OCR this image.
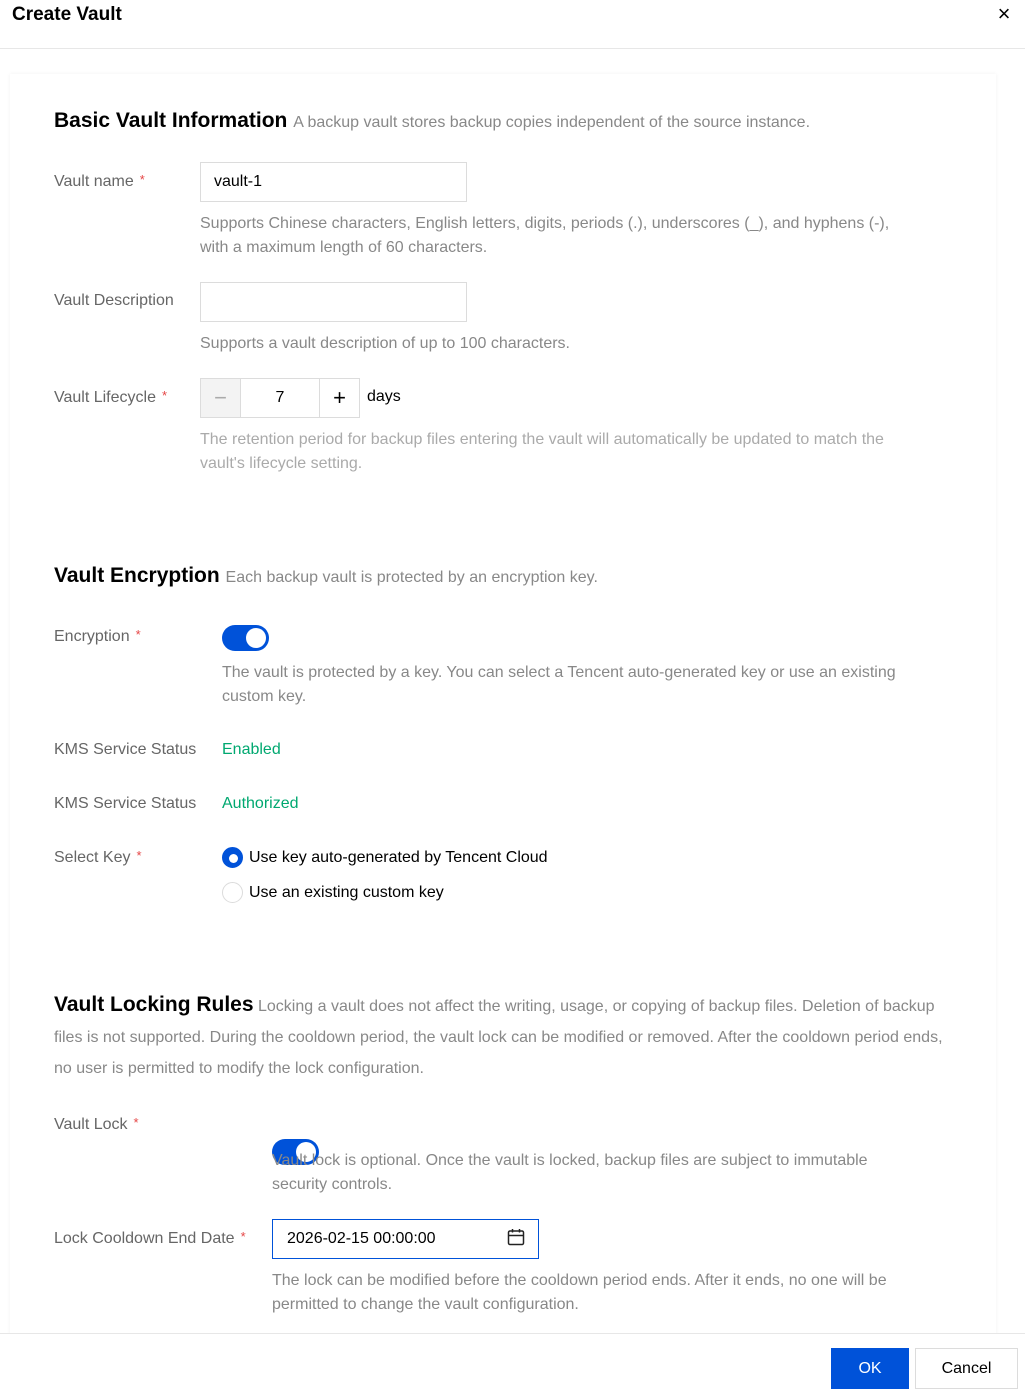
Create Vault	×
Basic Vault Information A backup vault stores backup copies independent of the source instance.
Vault name *	vault-1
Supports Chinese characters, English letters, digits, periods (.), underscores (_), and hyphens (-),
with a maximum length of 60 characters.
Vault Description
Supports a vault description of up to 100 characters.
Vault Lifecycle *	−	7	+	days
The retention period for backup files entering the vault will automatically be updated to match the
vault's lifecycle setting.
Vault Encryption Each backup vault is protected by an encryption key.
Encryption *
The vault is protected by a key. You can select a Tencent auto-generated key or use an existing
custom key.
KMS Service Status Enabled
KMS Service Status Authorized
Select Key *	Use key auto-generated by Tencent Cloud
Use an existing custom key
Vault Locking Rules Locking a vault does not affect the writing, usage, or copying of backup files. Deletion of backup
files is not supported. During the cooldown period, the vault lock can be modified or removed. After the cooldown period ends,
no user is permitted to modify the lock configuration.
Vault Lock *
Vault lock is optional. Once the vault is locked, backup files are subject to immutable
security controls.
Lock Cooldown End Date *	2026-02-15 00:00:00
The lock can be modified before the cooldown period ends. After it ends, no one will be
permitted to change the vault configuration.
OK	Cancel
